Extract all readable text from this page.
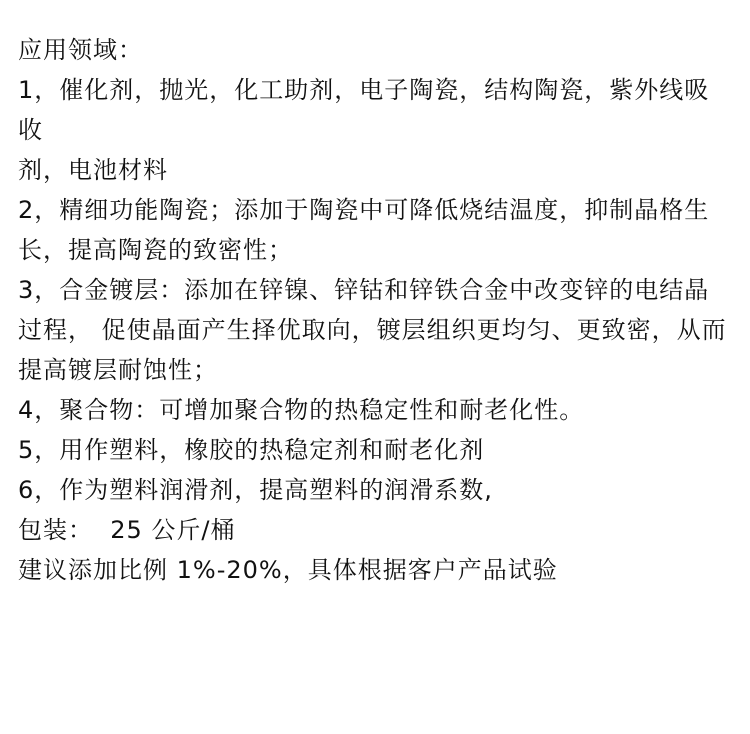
应用领域：

1，催化剂，抛光，化工助剂，电子陶瓷，结构陶瓷，紫外线吸收

剂，电池材料

2，精细功能陶瓷；添加于陶瓷中可降低烧结温度，抑制晶格生

长，提高陶瓷的致密性；

3，合金镀层：添加在锌镍、锌钴和锌铁合金中改变锌的电结晶

过程， 促使晶面产生择优取向，镀层组织更均匀、更致密，从而

提高镀层耐蚀性；

4，聚合物：可增加聚合物的热稳定性和耐老化性。

5，用作塑料，橡胶的热稳定剂和耐老化剂

6，作为塑料润滑剂，提高塑料的润滑系数,

包装：  25 公斤/桶

建议添加比例 1%-20%，具体根据客户产品试验
